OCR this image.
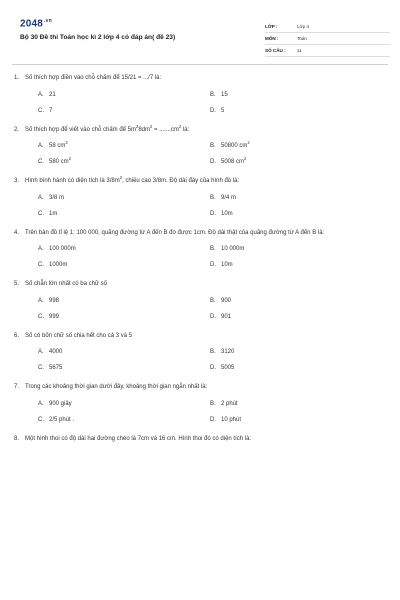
$2048^{.vn}$
Bộ 30 Đề thi Toán học kì 2 lớp 4 có đáp án( đề 23)
LỚP :	Lớp 4
MÔN :	Toán
SỐ CÂU :	11
1. Số thích hợp điền vào chỗ chấm để 15/21 = .../7 là:
A. 21	B. 15
C. 7	D. 5
2. Số thích hợp để viết vào chỗ chấm để $5m^28dm^2 = .......cm^2$ là:
A. 58 $cm^2$
B. 50800 $cm^2$
C. 580 $cm^2$
D. 5008 $cm^2$
3. Hình bình hành có diện tích là $3/8m^2$, chiều cao 3/8m. Độ dài đáy của hình đó là:
A. 3/8 m	B. 9/4 m
C. 1m	D. 10m
4. Trên bản đồ tỉ lệ 1: 100 000, quãng đường từ A đến B đo được 1cm. Độ dài thật của quãng đường từ A đến B là:
A. 100 000m	B. 10 000m
C. 1000m	D. 10m
5. Số chẵn lớn nhất có ba chữ số
A. 998	B. 900
C. 999	D. 901
6. Số có bốn chữ số chia hết cho cả 3 và 5
A. 4000	B. 3120
C. 5675	D. 5005
7. Trong các khoảng thời gian dưới đây, khoảng thời gian ngắn nhất là:
A. 900 giây	B. 2 phút
C. 2/5 phút .	D. 10 phút
8. Một hình thoi có độ dài hai đường chéo là 7cm và 16 cm. Hình thoi đó có diện tích là:
